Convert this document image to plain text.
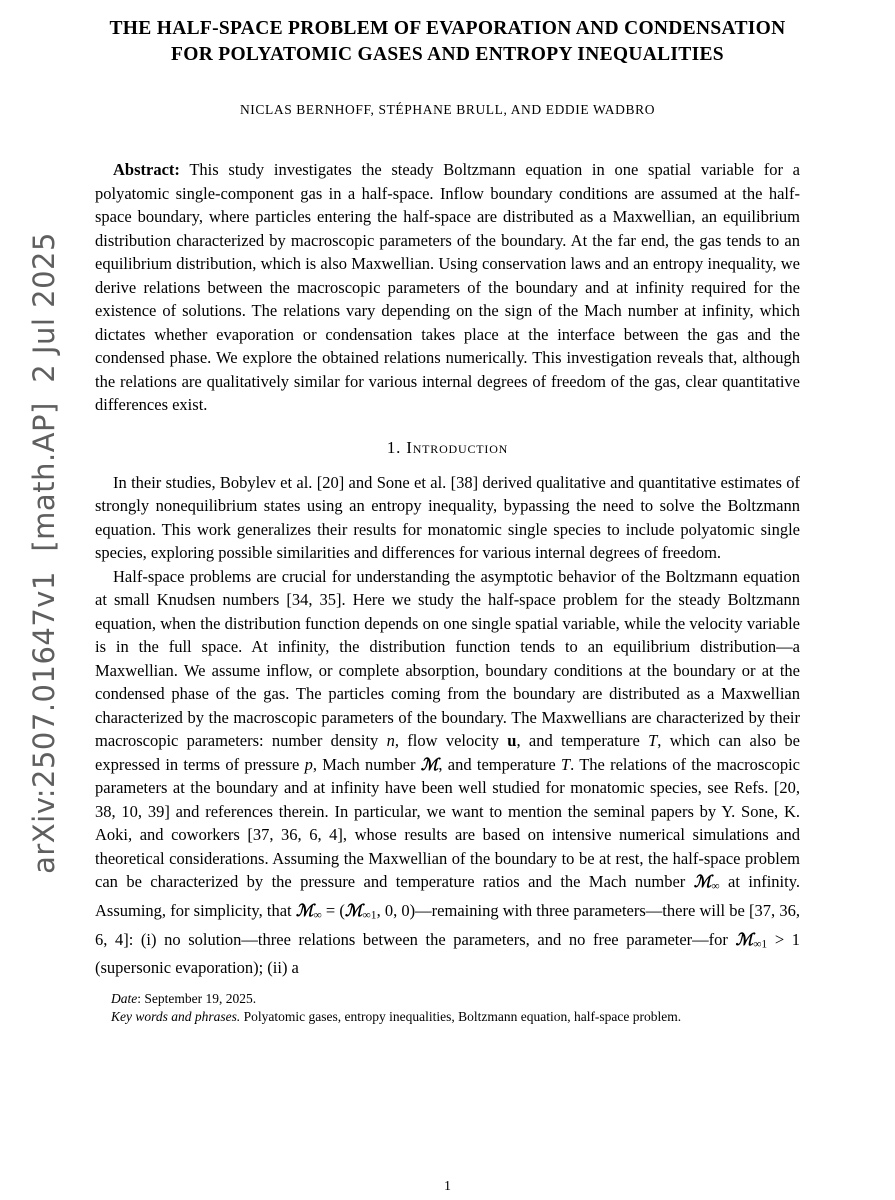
arXiv:2507.01647v1  [math.AP]  2 Jul 2025
THE HALF-SPACE PROBLEM OF EVAPORATION AND CONDENSATION FOR POLYATOMIC GASES AND ENTROPY INEQUALITIES
NICLAS BERNHOFF, STÉPHANE BRULL, AND EDDIE WADBRO

Abstract: This study investigates the steady Boltzmann equation in one spatial variable for a polyatomic single-component gas in a half-space. Inflow boundary conditions are assumed at the half-space boundary, where particles entering the half-space are distributed as a Maxwellian, an equilibrium distribution characterized by macroscopic parameters of the boundary. At the far end, the gas tends to an equilibrium distribution, which is also Maxwellian. Using conservation laws and an entropy inequality, we derive relations between the macroscopic parameters of the boundary and at infinity required for the existence of solutions. The relations vary depending on the sign of the Mach number at infinity, which dictates whether evaporation or condensation takes place at the interface between the gas and the condensed phase. We explore the obtained relations numerically. This investigation reveals that, although the relations are qualitatively similar for various internal degrees of freedom of the gas, clear quantitative differences exist.

1. Introduction

In their studies, Bobylev et al. [20] and Sone et al. [38] derived qualitative and quantitative estimates of strongly nonequilibrium states using an entropy inequality, bypassing the need to solve the Boltzmann equation. This work generalizes their results for monatomic single species to include polyatomic single species, exploring possible similarities and differences for various internal degrees of freedom.

Half-space problems are crucial for understanding the asymptotic behavior of the Boltzmann equation at small Knudsen numbers [34, 35]. Here we study the half-space problem for the steady Boltzmann equation, when the distribution function depends on one single spatial variable, while the velocity variable is in the full space. At infinity, the distribution function tends to an equilibrium distribution—a Maxwellian. We assume inflow, or complete absorption, boundary conditions at the boundary or at the condensed phase of the gas. The particles coming from the boundary are distributed as a Maxwellian characterized by the macroscopic parameters of the boundary. The Maxwellians are characterized by their macroscopic parameters: number density n, flow velocity u, and temperature T, which can also be expressed in terms of pressure p, Mach number ℳ, and temperature T. The relations of the macroscopic parameters at the boundary and at infinity have been well studied for monatomic species, see Refs. [20, 38, 10, 39] and references therein. In particular, we want to mention the seminal papers by Y. Sone, K. Aoki, and coworkers [37, 36, 6, 4], whose results are based on intensive numerical simulations and theoretical considerations. Assuming the Maxwellian of the boundary to be at rest, the half-space problem can be characterized by the pressure and temperature ratios and the Mach number ℳ∞ at infinity. Assuming, for simplicity, that ℳ∞ = (ℳ∞1, 0, 0)—remaining with three parameters—there will be [37, 36, 6, 4]: (i) no solution—three relations between the parameters, and no free parameter—for ℳ∞1 > 1 (supersonic evaporation); (ii) a

Date: September 19, 2025.

Key words and phrases. Polyatomic gases, entropy inequalities, Boltzmann equation, half-space problem.

1
